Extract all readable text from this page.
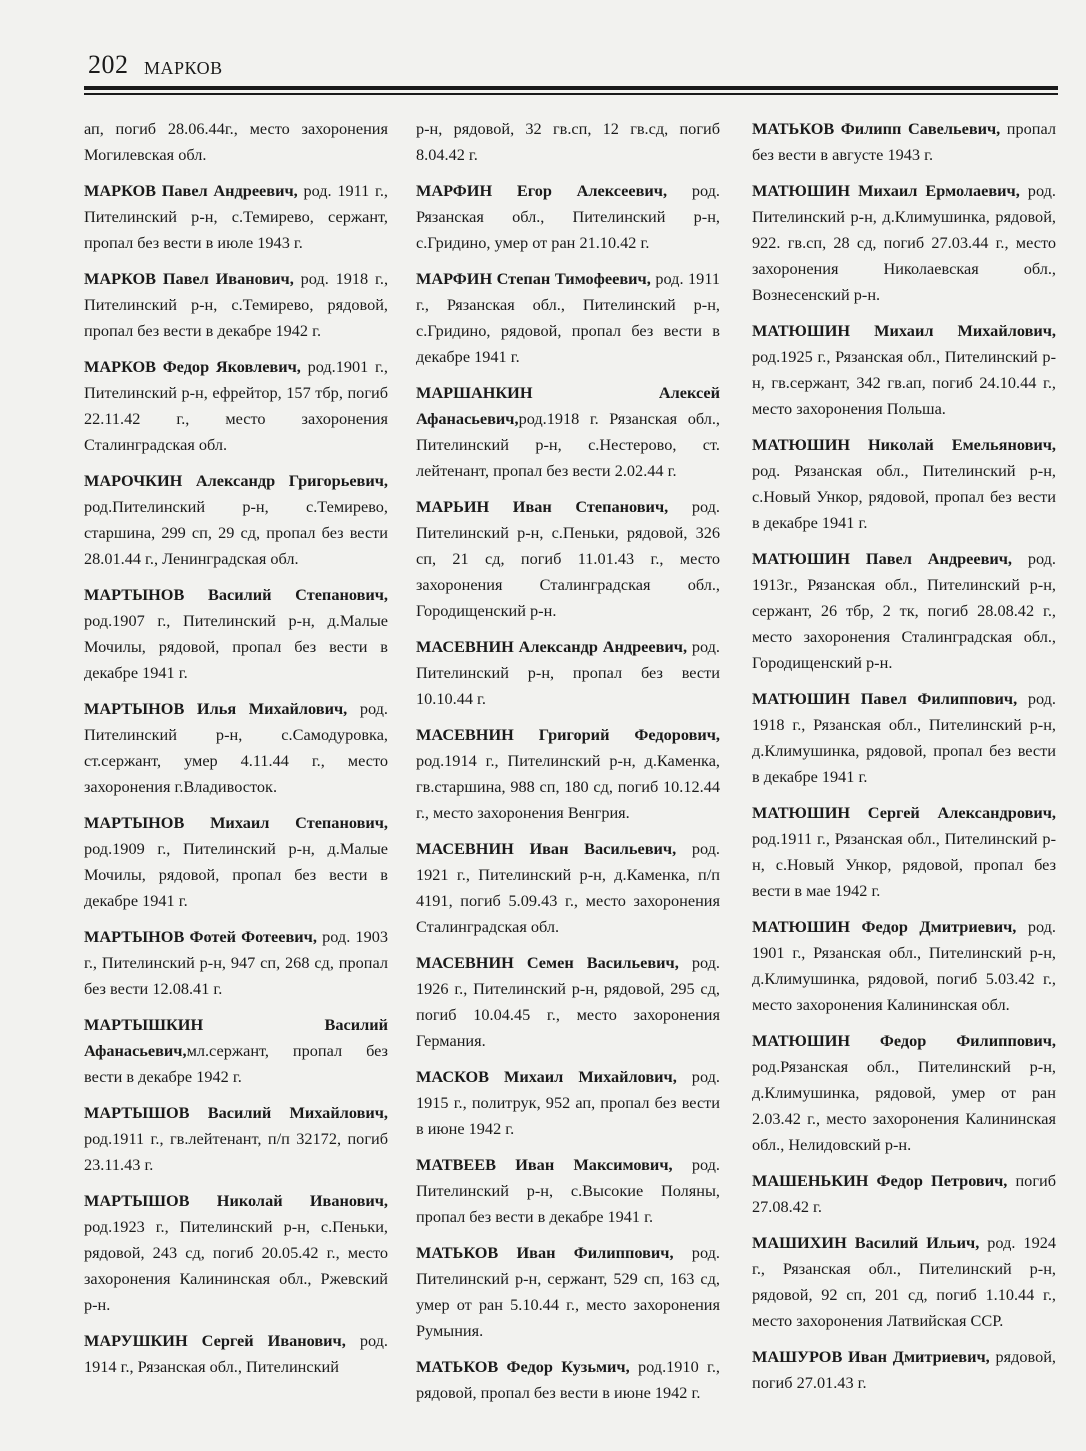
202 МАРКОВ

ап, погиб 28.06.44г., место захоронения Могилевская обл.

МАРКОВ Павел Андреевич, род. 1911 г., Пителинский р-н, с.Темирево, сержант, пропал без вести в июле 1943 г.

МАРКОВ Павел Иванович, род. 1918 г., Пителинский р-н, с.Темирево, рядовой, пропал без вести в декабре 1942 г.

МАРКОВ Федор Яковлевич, род.1901 г., Пителинский р-н, ефрейтор, 157 тбр, погиб 22.11.42 г., место захоронения Сталинградская обл.

МАРОЧКИН Александр Григорьевич, род.Пителинский р-н, с.Темирево, старшина, 299 сп, 29 сд, пропал без вести 28.01.44 г., Ленинградская обл.

МАРТЫНОВ Василий Степанович, род.1907 г., Пителинский р-н, д.Малые Мочилы, рядовой, пропал без вести в декабре 1941 г.

МАРТЫНОВ Илья Михайлович, род. Пителинский р-н, с.Самодуровка, ст.сержант, умер 4.11.44 г., место захоронения г.Владивосток.

МАРТЫНОВ Михаил Степанович, род.1909 г., Пителинский р-н, д.Малые Мочилы, рядовой, пропал без вести в декабре 1941 г.

МАРТЫНОВ Фотей Фотеевич, род. 1903 г., Пителинский р-н, 947 сп, 268 сд, пропал без вести 12.08.41 г.

МАРТЫШКИН Василий Афанасьевич,мл.сержант, пропал без вести в декабре 1942 г.

МАРТЫШОВ Василий Михайлович, род.1911 г., гв.лейтенант, п/п 32172, погиб 23.11.43 г.

МАРТЫШОВ Николай Иванович, род.1923 г., Пителинский р-н, с.Пеньки, рядовой, 243 сд, погиб 20.05.42 г., место захоронения Калининская обл., Ржевский р-н.

МАРУШКИН Сергей Иванович, род. 1914 г., Рязанская обл., Пителинский

р-н, рядовой, 32 гв.сп, 12 гв.сд, погиб 8.04.42 г.

МАРФИН Егор Алексеевич, род. Рязанская обл., Пителинский р-н, с.Гридино, умер от ран 21.10.42 г.

МАРФИН Степан Тимофеевич, род. 1911 г., Рязанская обл., Пителинский р-н, с.Гридино, рядовой, пропал без вести в декабре 1941 г.

МАРШАНКИН Алексей Афанасьевич,род.1918 г. Рязанская обл., Пителинский р-н, с.Нестерово, ст. лейтенант, пропал без вести 2.02.44 г.

МАРЬИН Иван Степанович, род. Пителинский р-н, с.Пеньки, рядовой, 326 сп, 21 сд, погиб 11.01.43 г., место захоронения Сталинградская обл., Городищенский р-н.

МАСЕВНИН Александр Андреевич, род. Пителинский р-н, пропал без вести 10.10.44 г.

МАСЕВНИН Григорий Федорович, род.1914 г., Пителинский р-н, д.Каменка, гв.старшина, 988 сп, 180 сд, погиб 10.12.44 г., место захоронения Венгрия.

МАСЕВНИН Иван Васильевич, род. 1921 г., Пителинский р-н, д.Каменка, п/п 4191, погиб 5.09.43 г., место захоронения Сталинградская обл.

МАСЕВНИН Семен Васильевич, род. 1926 г., Пителинский р-н, рядовой, 295 сд, погиб 10.04.45 г., место захоронения Германия.

МАСКОВ Михаил Михайлович, род. 1915 г., политрук, 952 ап, пропал без вести в июне 1942 г.

МАТВЕЕВ Иван Максимович, род. Пителинский р-н, с.Высокие Поляны, пропал без вести в декабре 1941 г.

МАТЬКОВ Иван Филиппович, род. Пителинский р-н, сержант, 529 сп, 163 сд, умер от ран 5.10.44 г., место захоронения Румыния.

МАТЬКОВ Федор Кузьмич, род.1910 г., рядовой, пропал без вести в июне 1942 г.

МАТЬКОВ Филипп Савельевич, пропал без вести в августе 1943 г.

МАТЮШИН Михаил Ермолаевич, род. Пителинский р-н, д.Климушинка, рядовой, 922. гв.сп, 28 сд, погиб 27.03.44 г., место захоронения Николаевская обл., Вознесенский р-н.

МАТЮШИН Михаил Михайлович, род.1925 г., Рязанская обл., Пителинский р-н, гв.сержант, 342 гв.ап, погиб 24.10.44 г., место захоронения Польша.

МАТЮШИН Николай Емельянович, род. Рязанская обл., Пителинский р-н, с.Новый Ункор, рядовой, пропал без вести в декабре 1941 г.

МАТЮШИН Павел Андреевич, род. 1913г., Рязанская обл., Пителинский р-н, сержант, 26 тбр, 2 тк, погиб 28.08.42 г., место захоронения Сталинградская обл., Городищенский р-н.

МАТЮШИН Павел Филиппович, род. 1918 г., Рязанская обл., Пителинский р-н, д.Климушинка, рядовой, пропал без вести в декабре 1941 г.

МАТЮШИН Сергей Александрович, род.1911 г., Рязанская обл., Пителинский р-н, с.Новый Ункор, рядовой, пропал без вести в мае 1942 г.

МАТЮШИН Федор Дмитриевич, род. 1901 г., Рязанская обл., Пителинский р-н, д.Климушинка, рядовой, погиб 5.03.42 г., место захоронения Калининская обл.

МАТЮШИН Федор Филиппович, род.Рязанская обл., Пителинский р-н, д.Климушинка, рядовой, умер от ран 2.03.42 г., место захоронения Калининская обл., Нелидовский р-н.

МАШЕНЬКИН Федор Петрович, погиб 27.08.42 г.

МАШИХИН Василий Ильич, род. 1924 г., Рязанская обл., Пителинский р-н, рядовой, 92 сп, 201 сд, погиб 1.10.44 г., место захоронения Латвийская ССР.

МАШУРОВ Иван Дмитриевич, рядовой, погиб 27.01.43 г.
